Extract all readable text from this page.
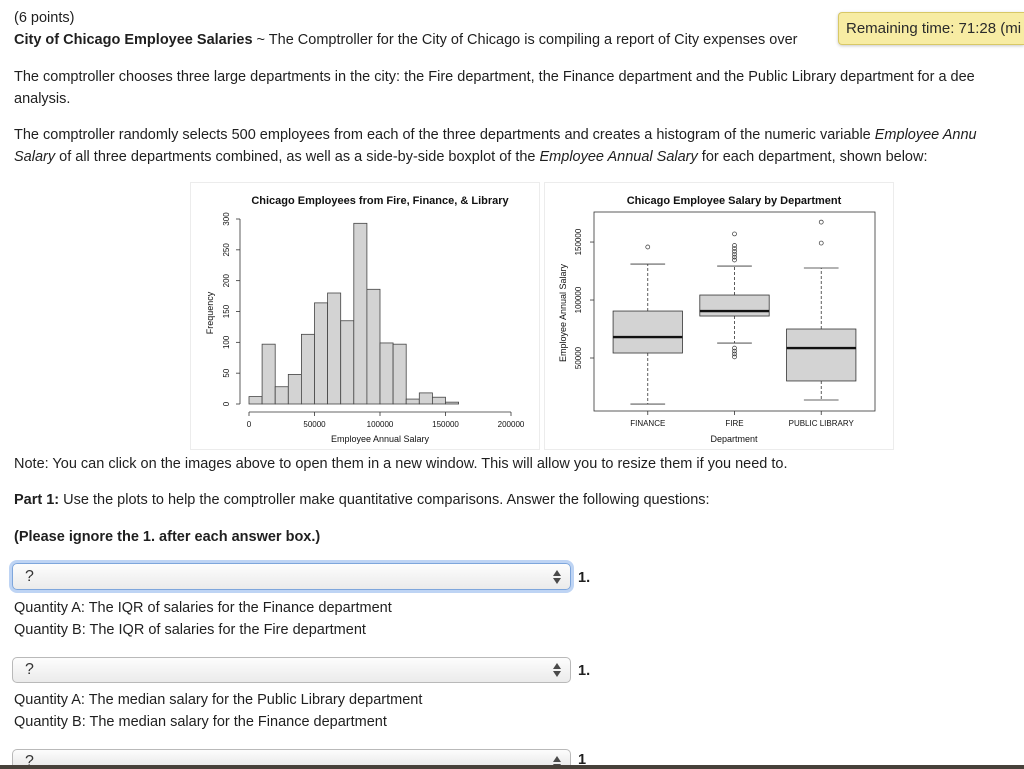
(6 points)
City of Chicago Employee Salaries ~ The Comptroller for the City of Chicago is compiling a report of City expenses over
Remaining time: 71:28 (mi
The comptroller chooses three large departments in the city: the Fire department, the Finance department and the Public Library department for a dee
analysis.
The comptroller randomly selects 500 employees from each of the three departments and creates a histogram of the numeric variable Employee Annu
Salary of all three departments combined, as well as a side-by-side boxplot of the Employee Annual Salary for each department, shown below:
Chicago Employees from Fire, Finance, & Library
0	50000	100000	150000	200000
0
50
100
150
200
250
300
Employee Annual Salary
Frequency
Chicago Employee Salary by Department
FINANCE	FIRE	PUBLIC LIBRARY
50000
100000
150000
Department
Employee Annual Salary
Note: You can click on the images above to open them in a new window. This will allow you to resize them if you need to.
Part 1: Use the plots to help the comptroller make quantitative comparisons. Answer the following questions:
(Please ignore the 1. after each answer box.)
?	1.
Quantity A: The IQR of salaries for the Finance department
Quantity B: The IQR of salaries for the Fire department
?	1.
Quantity A: The median salary for the Public Library department
Quantity B: The median salary for the Finance department
?	1
